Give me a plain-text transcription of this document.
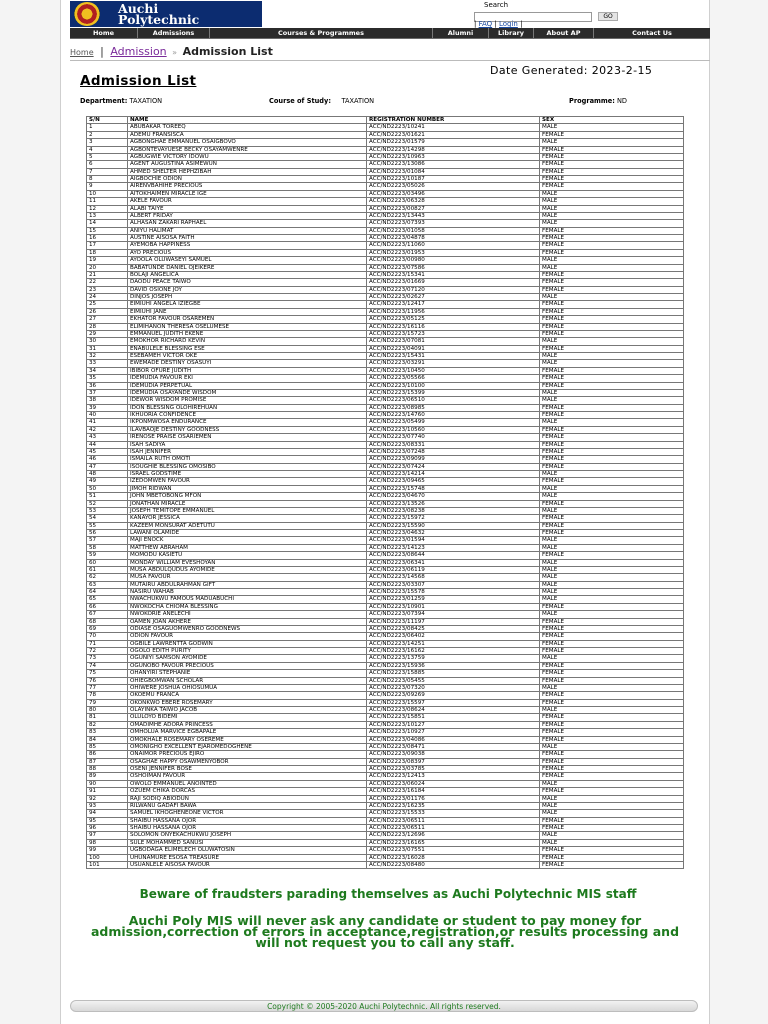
Auchi
Polytechnic
Search
GO
| FAQ | Login |
Home	Admissions	Courses & Programmes	Alumni	Library	About AP	Contact Us
Home | Admission » Admission List
Date Generated: 2023-2-15
Admission List
Department: TAXATION	Course of Study: TAXATION	Programme: ND
S/N	NAME	REGISTRATION NUMBER	SEX
1	ABUBAKAR TOREEQ	ACC/ND2223/10241	MALE
2	ADEMU FRANSISCA	ACC/ND2223/01621	FEMALE
3	AGBONGHAE EMMANUEL OSAIGBOVO	ACC/ND2223/01579	MALE
4	AGBONTEVAYUESE BECKY OSAYAMWENRE	ACC/ND2223/14298	FEMALE
5	AGBUGWIE VICTORY IDOWU	ACC/ND2223/10963	FEMALE
6	AGENT AUGUSTINA ASIMEWUN	ACC/ND2223/13086	FEMALE
7	AHMED SHELTER HEPHZIBAH	ACC/ND2223/01084	FEMALE
8	AIGBOCHIE ODION	ACC/ND2223/10187	FEMALE
9	AIRENVBAHIHE PRECIOUS	ACC/ND2223/05026	FEMALE
10	AITOKHAIMEN MIRACLE IGE	ACC/ND2223/03496	MALE
11	AKELE FAVOUR	ACC/ND2223/06328	MALE
12	ALABI TAIYE	ACC/ND2223/00827	MALE
13	ALBERT FRIDAY	ACC/ND2223/13443	MALE
14	ALHASAN ZAKARI RAPHAEL	ACC/ND2223/07393	MALE
15	ANIYU HALIMAT	ACC/ND2223/01058	FEMALE
16	AUSTINE AISOSA FAITH	ACC/ND2223/04878	FEMALE
17	AYEMOBA HAPPINESS	ACC/ND2223/11060	FEMALE
18	AYO PRECIOUS	ACC/ND2223/01953	FEMALE
19	AYOOLA OLUWASEYI SAMUEL	ACC/ND2223/00980	MALE
20	BABATUNDE DANIEL OJEIKERE	ACC/ND2223/07586	MALE
21	BOLAJI ANGELICA	ACC/ND2223/15341	FEMALE
22	DAODU PEACE TAIWO	ACC/ND2223/01669	FEMALE
23	DAVID OSIONE JOY	ACC/ND2223/07120	FEMALE
24	DINJOS JOSEPH	ACC/ND2223/02627	MALE
25	EIMIUHI ANGELA IZIEGBE	ACC/ND2223/12417	FEMALE
26	EIMIUHI JANE	ACC/ND2223/11956	FEMALE
27	EKHATOR FAVOUR OSAREMEN	ACC/ND2223/05125	FEMALE
28	ELIMIHANON THERESA OSELUMESE	ACC/ND2223/16116	FEMALE
29	EMMANUEL JUDITH EKENE	ACC/ND2223/15723	FEMALE
30	EMOKHOR RICHARD KEVIN	ACC/ND2223/07081	MALE
31	ENABULELE BLESSING ESE	ACC/ND2223/04091	FEMALE
32	ESEBAMEH VICTOR OKE	ACC/ND2223/15431	MALE
33	EWEMADE DESTINY OSASUYI	ACC/ND2223/03291	MALE
34	IBIBOR OFURE JUDITH	ACC/ND2223/10450	FEMALE
35	IDEMUDIA FAVOUR EKI	ACC/ND2223/05566	FEMALE
36	IDEMUDIA PERPETUAL	ACC/ND2223/10100	FEMALE
37	IDEMUDIA OSAYANDE WISDOM	ACC/ND2223/15399	MALE
38	IDEWOR WISDOM PROMISE	ACC/ND2223/06510	MALE
39	IDON BLESSING OLOHIREHUAN	ACC/ND2223/08985	FEMALE
40	IKHUORIA CONFIDENCE	ACC/ND2223/14760	FEMALE
41	IKPONMWOSA ENDURANCE	ACC/ND2223/05499	MALE
42	ILAVBAOJE DESTINY GOODNESS	ACC/ND2223/10560	FEMALE
43	IRENOSE PRAISE OSARIEMEN	ACC/ND2223/07740	FEMALE
44	ISAH SADIYA	ACC/ND2223/08331	FEMALE
45	ISAH JENNIFER	ACC/ND2223/07248	FEMALE
46	ISMAILA RUTH OMOTI	ACC/ND2223/09099	FEMALE
47	ISOUGHIE BLESSING OMOSIBO	ACC/ND2223/07424	FEMALE
48	ISRAEL GODSTIME	ACC/ND2223/14214	MALE
49	IZEDOMWEN FAVOUR	ACC/ND2223/09465	FEMALE
50	JIMOH RIDWAN	ACC/ND2223/15748	MALE
51	JOHN MBETOBONG MFON	ACC/ND2223/04670	MALE
52	JONATHAN MIRACLE	ACC/ND2223/13526	FEMALE
53	JOSEPH TEMITOPE EMMANUEL	ACC/ND2223/08238	MALE
54	KANAYOR JESSICA	ACC/ND2223/15972	FEMALE
55	KAZEEM MONSURAT ADETUTU	ACC/ND2223/15590	FEMALE
56	LAWANI OLAMIDE	ACC/ND2223/04632	FEMALE
57	MAJI ENOCK	ACC/ND2223/01594	MALE
58	MATTHEW ABRAHAM	ACC/ND2223/14123	MALE
59	MOMODU KASIETU	ACC/ND2223/08644	FEMALE
60	MONDAY WILLIAM EVESHOYAN	ACC/ND2223/06341	MALE
61	MUSA ABDULQUDUS AYOMIDE	ACC/ND2223/06119	MALE
62	MUSA FAVOUR	ACC/ND2223/14568	MALE
63	MUTAIRU ABDULRAHMAN GIFT	ACC/ND2223/03307	MALE
64	NASIRU WAHAB	ACC/ND2223/15578	MALE
65	NWACHUKWU FAMOUS MADUABUCHI	ACC/ND2223/01259	MALE
66	NWOKOCHA CHIOMA BLESSING	ACC/ND2223/10901	FEMALE
67	NWOKORIE ANELECHI	ACC/ND2223/07394	MALE
68	OAMEN JOAN AKHERE	ACC/ND2223/11197	FEMALE
69	ODIASE OSAGUOMWENRO GOODNEWS	ACC/ND2223/08425	FEMALE
70	ODION FAVOUR	ACC/ND2223/06402	FEMALE
71	OGBILE LAWRENTTA GODWIN	ACC/ND2223/14251	FEMALE
72	OGOLO EDITH PURITY	ACC/ND2223/16162	FEMALE
73	OGUNIYI SAMSON AYOMIDE	ACC/ND2223/13759	MALE
74	OGUNOBO FAVOUR PRECIOUS	ACC/ND2223/15936	FEMALE
75	OHANYIRI STEPHANIE	ACC/ND2223/15885	FEMALE
76	OHIEGBOMWAN SCHOLAR	ACC/ND2223/05455	FEMALE
77	OHIWERE JOSHUA OHIOSUMUA	ACC/ND2223/07320	MALE
78	OKOEMU FRANCA	ACC/ND2223/09269	FEMALE
79	OKONKWO EBERE ROSEMARY	ACC/ND2223/15597	FEMALE
80	OLAYINKA TAIWO JACOB	ACC/ND2223/08624	MALE
81	OLULOYO BIDEMI	ACC/ND2223/15851	FEMALE
82	OMADIMHE ADORA PRINCESS	ACC/ND2223/10127	FEMALE
83	OMHOLUA MARVICE EGBAPALE	ACC/ND2223/10927	FEMALE
84	OMOKHALE ROSEMARY OSEREME	ACC/ND2223/04086	FEMALE
85	OMONIGHO EXCELLENT EJAROMEDOGHENE	ACC/ND2223/08471	MALE
86	ONAIMOR PRECIOUS EJIRO	ACC/ND2223/09038	FEMALE
87	OSAGHAE HAPPY OSAWMENYOBOR	ACC/ND2223/08397	FEMALE
88	OSENI JENNIFER BOSE	ACC/ND2223/03785	FEMALE
89	OSHOIMAN FAVOUR	ACC/ND2223/12413	FEMALE
90	OWOLO EMMANUEL ANOINTED	ACC/ND2223/06024	MALE
91	OZUEM CHIKA DORCAS	ACC/ND2223/16184	FEMALE
92	RAJI SODIQ ABIODUN	ACC/ND2223/01176	MALE
93	RILWANU GADAFI BAWA	ACC/ND2223/16235	MALE
94	SAMUEL IKHOGHENEONE VICTOR	ACC/ND2223/15533	MALE
95	SHAIBU HASSANA OJOR	ACC/ND2223/06511	FEMALE
96	SHAIBU HASSANA OJOR	ACC/ND2223/06511	FEMALE
97	SOLOMON ONYEKACHUKWU JOSEPH	ACC/ND2223/12696	MALE
98	SULE MOHAMMED SANUSI	ACC/ND2223/16165	MALE
99	UGBODAGA ELIMELECH OLUWATOSIN	ACC/ND2223/07551	FEMALE
100	UHUNAMURE ESOSA TREASURE	ACC/ND2223/16028	FEMALE
101	USUANLELE AISOSA FAVOUR	ACC/ND2223/08480	FEMALE
Beware of fraudsters parading themselves as Auchi Polytechnic MIS staff
Auchi Poly MIS will never ask any candidate or student to pay money for admission,correction of errors in acceptance,registration,or results processing and will not request you to call any staff.
Copyright © 2005-2020 Auchi Polytechnic. All rights reserved.
